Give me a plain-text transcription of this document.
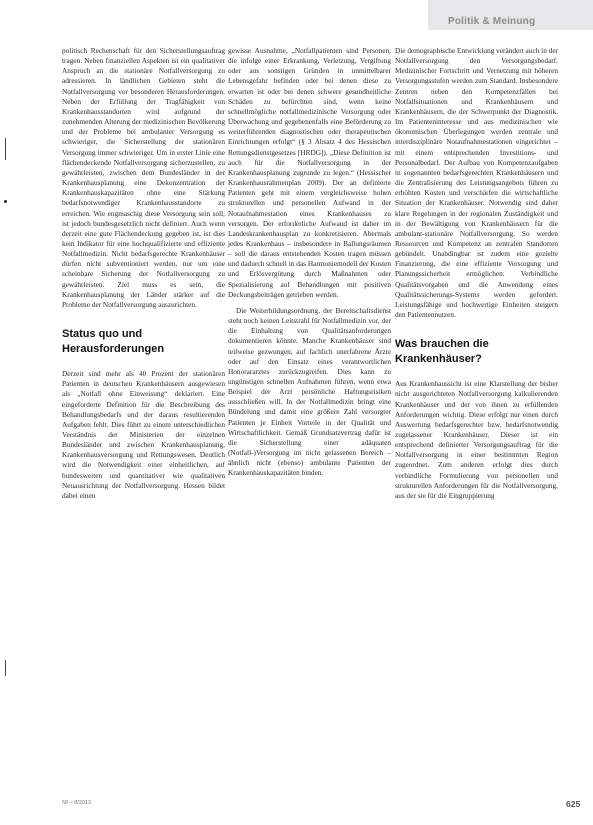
Politik & Meinung

politisch Rechenschaft für den Sicherstellungsauftrag tragen. Neben finanziellen Aspekten ist ein qualitativer Anspruch an die stationäre Notfallversorgung zu adressieren. In ländlichen Gebieten steht die Notfallversorgung vor besonderen Herausforderungen. Neben der Erfüllung der Tragfähigkeit von Krankenhausstandorten wird aufgrund der zunehmenden Alterung der medizinischen Bevölkerung und der Probleme bei ambulanter Versorgung es schwieriger, die Sicherstellung der stationären Versorgung immer schwieriger. Um in erster Linie eine flächendeckende Notfallversorgung sicherzustellen, zu gewährleisten, zwischen dem Bundesländer in der Krankenhausplanung eine Dekonzentration der Krankenhauskapazitäten ohne eine Stärkung bedarfsnotwendiger Krankenhausstandorte zu erreichen. Wie engmaschig diese Versorgung sein soll, ist jedoch bundesgesetzlich nicht definiert. Auch wenn derzeit eine gute Flächendeckung gegeben ist, ist dies kein Indikator für eine hochqualifizierte und effiziente Notfallmedizin. Nicht bedarfsgerechte Krankenhäuser dürfen nicht subventioniert werden, nur um eine scheinbare Sicherung der Notfallversorgung zu gewährleisten. Ziel muss es sein, die Krankenhausplanung der Länder stärker auf die Probleme der Notfallversorgung auszurichten.

Status quo und Herausforderungen

Derzeit sind mehr als 40 Prozent der stationären Patienten in deutschen Krankenhäusern ausgewiesen als „Notfall ohne Einweisung“ deklariert. Eine eingeforderte Definition für die Beschreibung des Behandlungsbedarfs und der daraus resultierenden Aufgaben fehlt. Dies führt zu einem unterschiedlichen Verständnis der Ministerien der einzelnen Bundesländer und zwischen Krankenhausplanung, Krankenhausversorgung und Rettungswesen. Deutlich wird die Notwendigkeit einer einheitlichen, auf bundesweiten und quantitativer wie qualitativen Neuausrichtung der Notfallversorgung. Hessen bildet dabei einen

gewisse Ausnahme, „Notfallpatienten sind Personen, die infolge einer Erkrankung, Verletzung, Vergiftung oder aus sonstigen Gründen in unmittelbarer Lebensgefahr befinden oder bei denen diese zu erwarten ist oder bei denen schwere gesundheitliche Schäden zu befürchten sind, wenn keine schnellmögliche notfallmedizinische Versorgung oder Überwachung und gegebenenfalls eine Beförderung zu weiterführenden diagnostischen oder therapeutischen Einrichtungen erfolgt“ (§ 3 Absatz 4 des Hessischen Rettungsdienstgesetzes [HRDG]). „Diese Definition ist auch für die Notfallversorgung in der Krankenhausplanung zugrunde zu legen.“ (Hessischer Krankenhausrahmenplan 2009). Der an definierte Patienten geht mit einem vergleichsweise hohen strukturellen und personellen Aufwand in der Notaufnahmestation eines Krankenhauses zu versorgen. Der erforderliche Aufwand ist daher im Landeskrankenhausplan zu konkretisieren. Abermals jedes Krankenhaus – insbesondere in Ballungsräumen – soll die daraus entstehenden Kosten tragen müssen und dadurch schnell in das Harmoniemodell der Kosten und Erlösvergütung durch Maßnahmen oder Spezialisierung auf Behandlungen mit positiven Deckungsbeiträgen getrieben werden.

Die Weiterbildungsordnung, der Bereitschaftsdienst steht noch keinen Leitstrahl für Notfallmedizin vor, der die Einhaltung von Qualitätsanforderungen dokumentieren könnte. Manche Krankenhäuser sind teilweise gezwungen, auf fachlich unerfahrene Ärzte oder auf den Einsatz eines verantwortlichen Honorararztes zurückzugreifen. Dies kann zu ungünstigen schnellen Aufnahmen führen, wenn etwa Beispiel der Arzt persönliche Haftungsrisiken ausschließen will. In der Notfallmedizin bringt eine Bündelung und damit eine größere Zahl versorgter Patienten je Einheit Vorteile in der Qualität und Wirtschaftlichkeit. Gemäß Grundsatzvertrag dafür ist die Sicherstellung einer adäquaten (Notfall-)Versorgung im nicht gelassenen Bereich – ähnlich nicht (ebenso) ambulante Patienten der Krankenhauskapazitäten binden.

Die demographische Entwicklung verändert auch in der Notfallversorgung den Versorgungsbedarf. Medizinischer Fortschritt und Vernetzung mit höheren Versorgungsstufen werden zum Standard. Insbesondere Zentren neben den Kompetenzfällen bei Notfallsituationen und Krankenhäusern und Krankenhäusern, die der Schwerpunkt der Diagnostik. Im Patienteninteresse und aus medizinischen wie ökonomischen Überlegungen werden zentrale und interdisziplinäre Notaufnahmestationen eingerichtet – mit einem entsprechenden Investitions- und Personalbedarf. Der Aufbau von Kompetenzaufgaben in sogenannten bedarfsgerechten Krankenhäusern und die Zentralisierung des Leistungsangebots führen zu erhöhten Kosten und verschärfen die wirtschaftliche Situation der Krankenhäuser. Notwendig sind daher klare Regelungen in der regionalen Zuständigkeit und in der Bewältigung von Krankenhäusern für die ambulant-stationäre Notfallversorgung. So werden Ressourcen und Kompetenz an zentralen Standorten gebündelt. Unabdingbar ist zudem eine gezielte Finanzierung, die eine effiziente Versorgung und Planungssicherheit ermöglichen. Verbindliche Qualitätsvorgaben und die Anwendung eines Qualitätssicherungs-Systems werden gefordert. Leistungsfähige und hochwertige Einheiten steigern den Patientennutzen.

Was brauchen die Krankenhäuser?

Aus Krankenhaussicht ist eine Klarstellung der bisher nicht ausgerichteten Notfallversorgung kalkulierenden Krankenhäuser und der von ihnen zu erfüllenden Anforderungen wichtig. Diese erfolgt nur einen durch Auswertung bedarfsgerechter bzw. bedarfsnotwendig zugelassener Krankenhäuser. Dieser ist ein entsprechend definierter Versorgungsauftrag für die Notfallversorgung in einer bestimmten Region zugeordnet. Zum anderen erfolgt dies durch verbindliche Formulierung von personellen und strukturellen Anforderungen für die Notfallversorgung, aus der sie für die Eingruppierung

58 – 8/2013	625
